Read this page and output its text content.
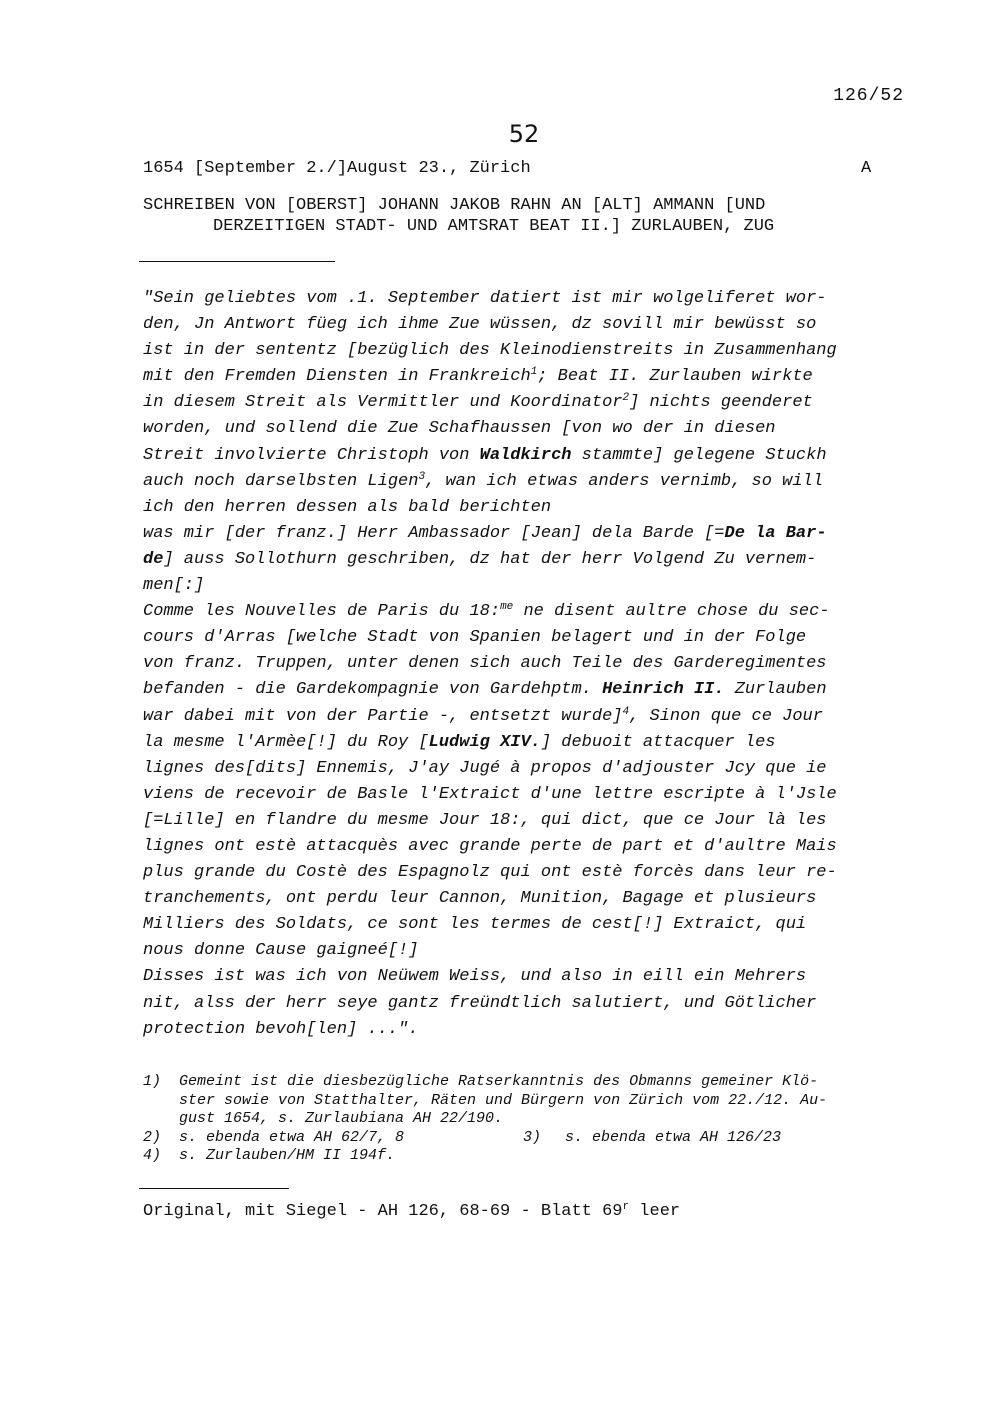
126/52
52
1654 [September 2./]August 23., Zürich	A
SCHREIBEN VON [OBERST] JOHANN JAKOB RAHN AN [ALT] AMMANN [UND
DERZEITIGEN STADT- UND AMTSRAT BEAT II.] ZURLAUBEN, ZUG
"Sein geliebtes vom .1. September datiert ist mir wolgeliferet wor-
den, Jn Antwort füeg ich ihme Zue wüssen, dz sovill mir bewüsst so
ist in der sententz [bezüglich des Kleinodienstreits in Zusammenhang
mit den Fremden Diensten in Frankreich$^1$; Beat II. Zurlauben wirkte
in diesem Streit als Vermittler und Koordinator$^2$] nichts geenderet
worden, und sollend die Zue Schafhaussen [von wo der in diesen
Streit involvierte Christoph von Waldkirch stammte] gelegene Stuckh
auch noch darselbsten Ligen$^3$, wan ich etwas anders vernimb, so will
ich den herren dessen als bald berichten
was mir [der franz.] Herr Ambassador [Jean] dela Barde [=De la Bar-
de] auss Sollothurn geschriben, dz hat der herr Volgend Zu vernem-
men[:]
Comme les Nouvelles de Paris du 18:$^{me}$ ne disent aultre chose du sec-
cours d'Arras [welche Stadt von Spanien belagert und in der Folge
von franz. Truppen, unter denen sich auch Teile des Garderegimentes
befanden - die Gardekompagnie von Gardehptm. Heinrich II. Zurlauben
war dabei mit von der Partie -, entsetzt wurde]$^4$, Sinon que ce Jour
la mesme l'Armèe[!] du Roy [Ludwig XIV.] debuoit attacquer les
lignes des[dits] Ennemis, J'ay Jugé à propos d'adjouster Jcy que ie
viens de recevoir de Basle l'Extraict d'une lettre escripte à l'Jsle
[=Lille] en flandre du mesme Jour 18:, qui dict, que ce Jour là les
lignes ont estè attacquès avec grande perte de part et d'aultre Mais
plus grande du Costè des Espagnolz qui ont estè forcès dans leur re-
tranchements, ont perdu leur Cannon, Munition, Bagage et plusieurs
Milliers des Soldats, ce sont les termes de cest[!] Extraict, qui
nous donne Cause gaigneé[!]
Disses ist was ich von Neüwem Weiss, und also in eill ein Mehrers
nit, alss der herr seye gantz freündtlich salutiert, und Götlicher
protection bevoh[len] ...".
1) Gemeint ist die diesbezügliche Ratserkanntnis des Obmanns gemeiner Klö-
ster sowie von Statthalter, Räten und Bürgern von Zürich vom 22./12. Au-
gust 1654, s. Zurlaubiana AH 22/190.
2) s. ebenda etwa AH 62/7, 8	3) s. ebenda etwa AH 126/23
4) s. Zurlauben/HM II 194f.
Original, mit Siegel - AH 126, 68-69 - Blatt 69$^r$ leer
